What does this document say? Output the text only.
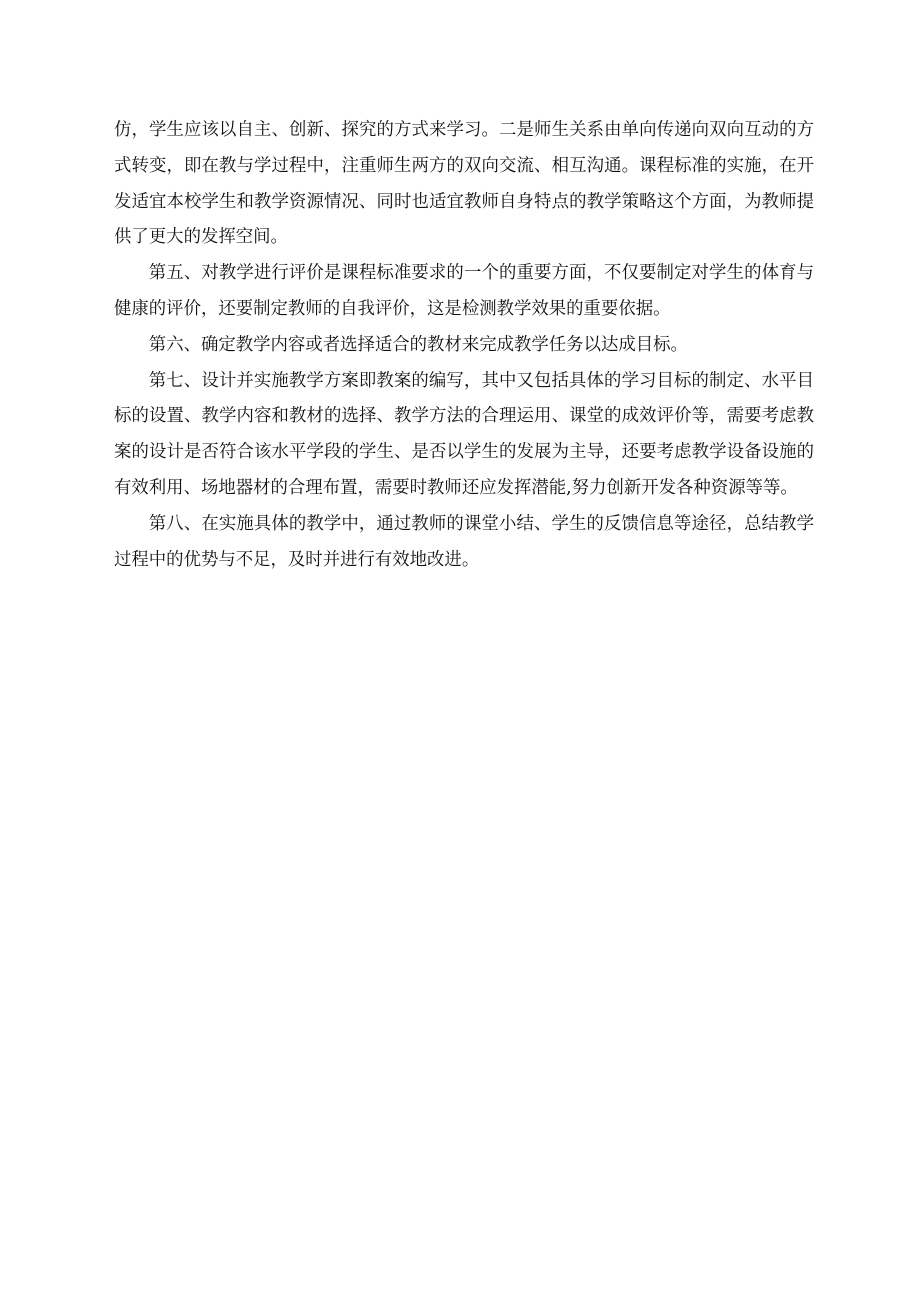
仿，学生应该以自主、创新、探究的方式来学习。二是师生关系由单向传递向双向互动的方式转变，即在教与学过程中，注重师生两方的双向交流、相互沟通。课程标准的实施，在开发适宜本校学生和教学资源情况、同时也适宜教师自身特点的教学策略这个方面，为教师提供了更大的发挥空间。

第五、对教学进行评价是课程标准要求的一个的重要方面，不仅要制定对学生的体育与健康的评价，还要制定教师的自我评价，这是检测教学效果的重要依据。

第六、确定教学内容或者选择适合的教材来完成教学任务以达成目标。

第七、设计并实施教学方案即教案的编写，其中又包括具体的学习目标的制定、水平目标的设置、教学内容和教材的选择、教学方法的合理运用、课堂的成效评价等，需要考虑教案的设计是否符合该水平学段的学生、是否以学生的发展为主导，还要考虑教学设备设施的有效利用、场地器材的合理布置，需要时教师还应发挥潜能,努力创新开发各种资源等等。

第八、在实施具体的教学中，通过教师的课堂小结、学生的反馈信息等途径，总结教学过程中的优势与不足，及时并进行有效地改进。
